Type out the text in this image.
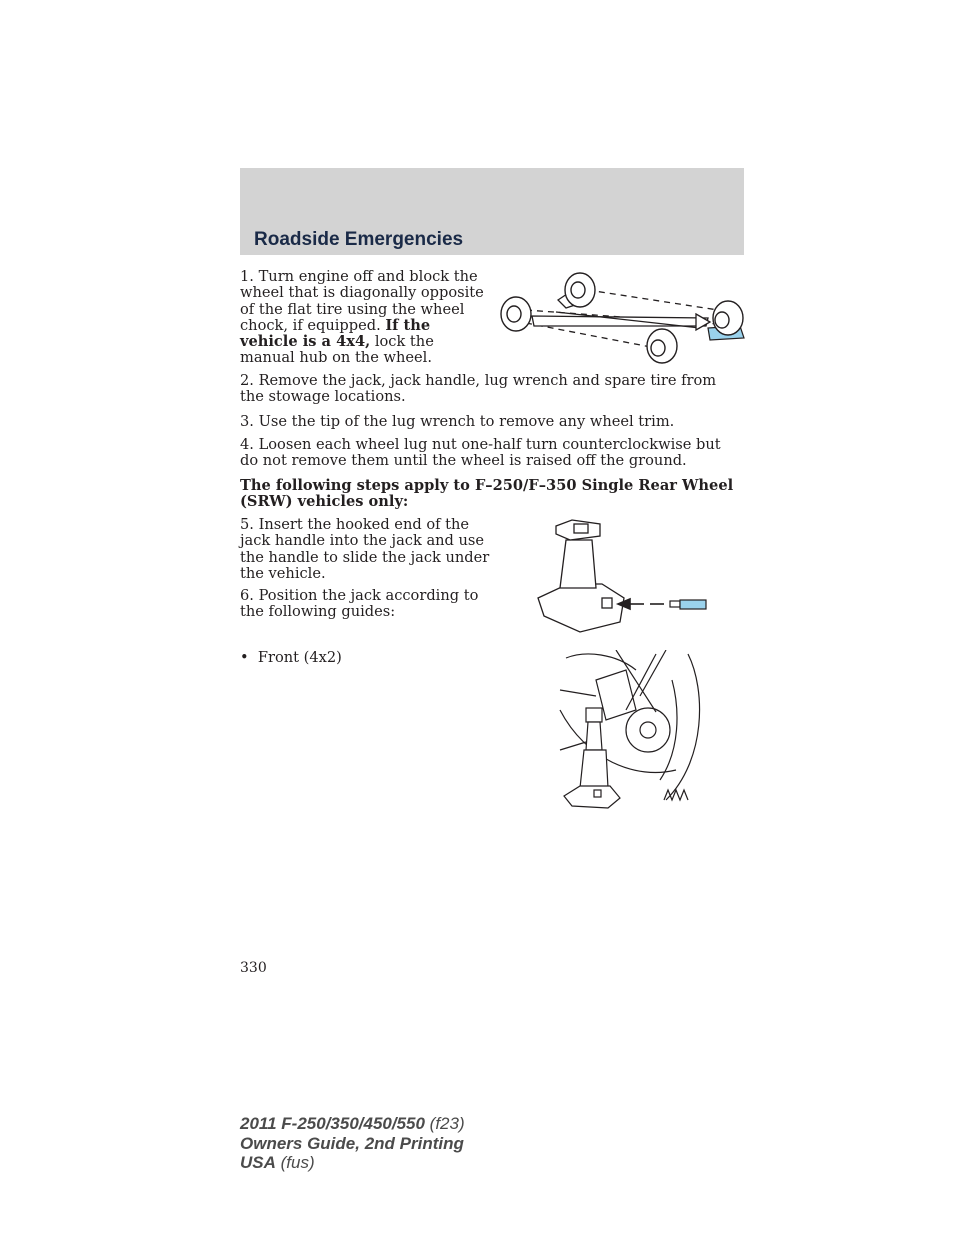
Roadside Emergencies

1. Turn engine off and block the wheel that is diagonally opposite of the flat tire using the wheel chock, if equipped. If the vehicle is a 4x4, lock the manual hub on the wheel.

2. Remove the jack, jack handle, lug wrench and spare tire from the stowage locations.

3. Use the tip of the lug wrench to remove any wheel trim.

4. Loosen each wheel lug nut one-half turn counterclockwise but do not remove them until the wheel is raised off the ground.

The following steps apply to F–250/F–350 Single Rear Wheel (SRW) vehicles only:

5. Insert the hooked end of the jack handle into the jack and use the handle to slide the jack under the vehicle.

6. Position the jack according to the following guides:

•  Front (4x2)

330

2011 F-250/350/450/550 (f23)
Owners Guide, 2nd Printing
USA (fus)
